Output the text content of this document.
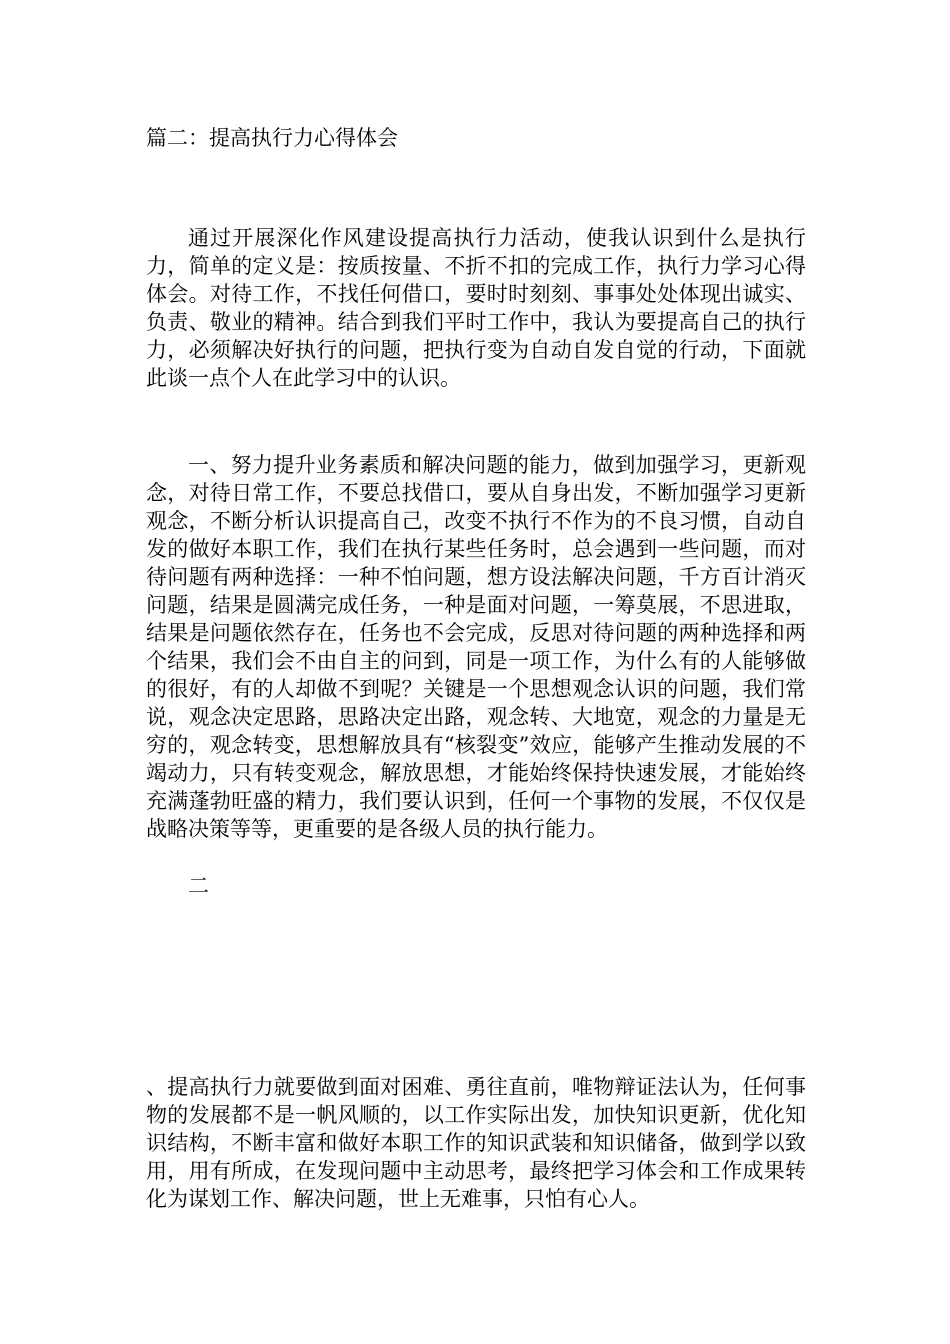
篇二：提高执行力心得体会
通过开展深化作风建设提高执行力活动，使我认识到什么是执行力，简单的定义是：按质按量、不折不扣的完成工作，执行力学习心得体会。对待工作，不找任何借口，要时时刻刻、事事处处体现出诚实、负责、敬业的精神。结合到我们平时工作中，我认为要提高自己的执行力，必须解决好执行的问题，把执行变为自动自发自觉的行动，下面就此谈一点个人在此学习中的认识。
一、努力提升业务素质和解决问题的能力，做到加强学习，更新观念，对待日常工作，不要总找借口，要从自身出发，不断加强学习更新观念，不断分析认识提高自己，改变不执行不作为的不良习惯，自动自发的做好本职工作，我们在执行某些任务时，总会遇到一些问题，而对待问题有两种选择：一种不怕问题，想方设法解决问题，千方百计消灭问题，结果是圆满完成任务，一种是面对问题，一筹莫展，不思进取，结果是问题依然存在，任务也不会完成，反思对待问题的两种选择和两个结果，我们会不由自主的问到，同是一项工作，为什么有的人能够做的很好，有的人却做不到呢？关键是一个思想观念认识的问题，我们常说，观念决定思路，思路决定出路，观念转、大地宽，观念的力量是无穷的，观念转变，思想解放具有“核裂变”效应，能够产生推动发展的不竭动力，只有转变观念，解放思想，才能始终保持快速发展，才能始终充满蓬勃旺盛的精力，我们要认识到，任何一个事物的发展，不仅仅是战略决策等等，更重要的是各级人员的执行能力。
二
、提高执行力就要做到面对困难、勇往直前，唯物辩证法认为，任何事物的发展都不是一帆风顺的，以工作实际出发，加快知识更新，优化知识结构，不断丰富和做好本职工作的知识武装和知识储备，做到学以致用，用有所成，在发现问题中主动思考，最终把学习体会和工作成果转化为谋划工作、解决问题，世上无难事，只怕有心人。
